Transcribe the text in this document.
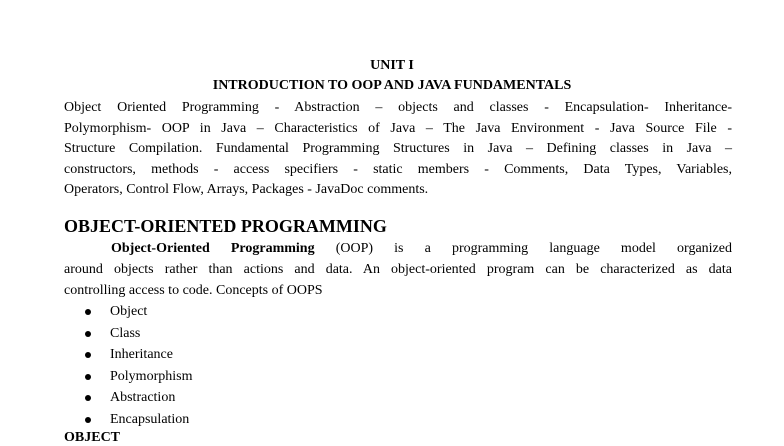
UNIT I
INTRODUCTION TO OOP AND JAVA FUNDAMENTALS
Object Oriented Programming - Abstraction – objects and classes - Encapsulation- Inheritance-
Polymorphism- OOP in Java – Characteristics of Java – The Java Environment - Java Source File -
Structure Compilation. Fundamental Programming Structures in Java – Defining classes in Java –
constructors, methods - access specifiers - static members - Comments, Data Types, Variables,
Operators, Control Flow, Arrays, Packages - JavaDoc comments.
OBJECT-ORIENTED PROGRAMMING
Object-Oriented Programming (OOP) is a programming language model organized
around objects rather than actions and data. An object-oriented program can be characterized as data
controlling access to code. Concepts of OOPS
Object
Class
Inheritance
Polymorphism
Abstraction
Encapsulation
OBJECT
